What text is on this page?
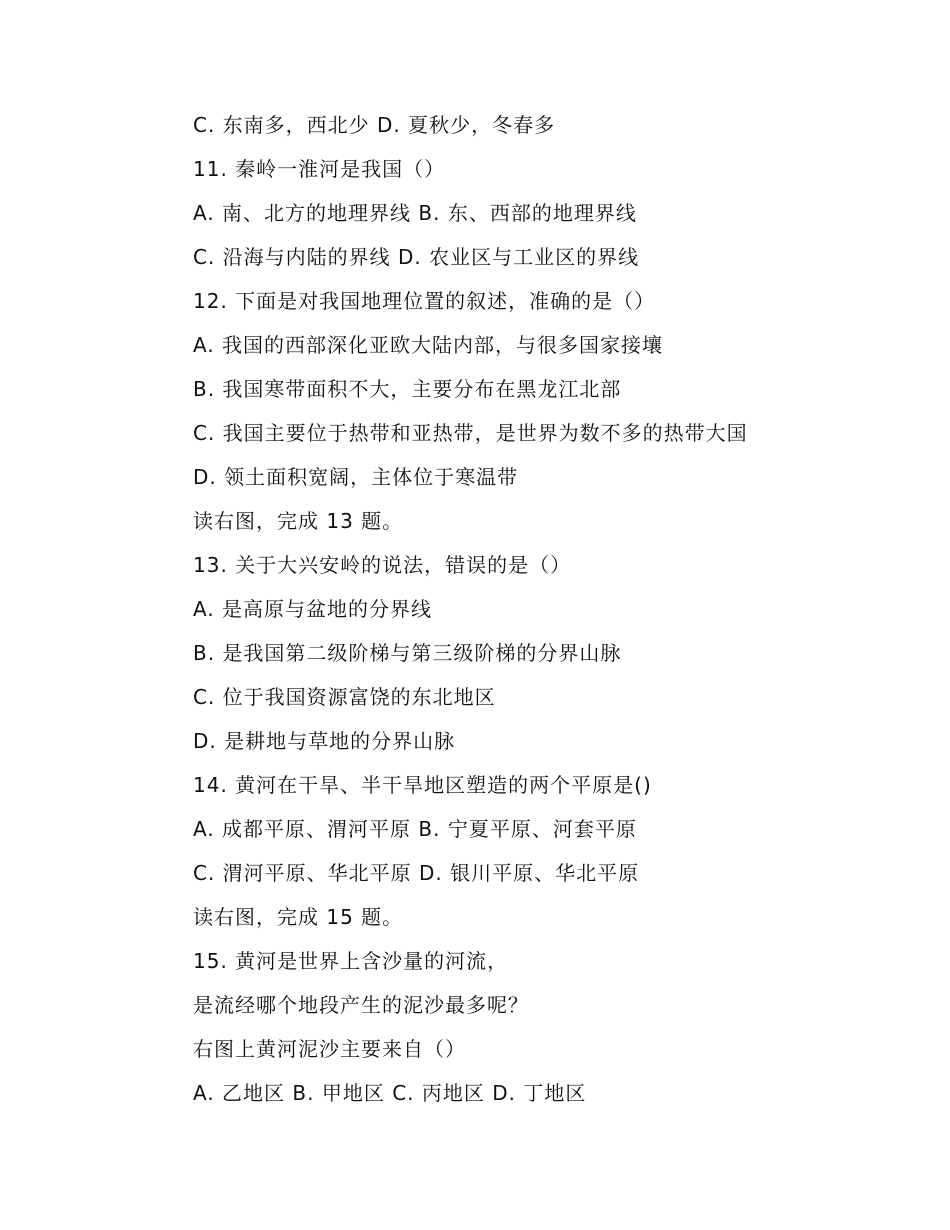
C. 东南多，西北少 D. 夏秋少，冬春多
11. 秦岭一淮河是我国（）
A. 南、北方的地理界线 B. 东、西部的地理界线
C. 沿海与内陆的界线 D. 农业区与工业区的界线
12. 下面是对我国地理位置的叙述，准确的是（）
A. 我国的西部深化亚欧大陆内部，与很多国家接壤
B. 我国寒带面积不大，主要分布在黑龙江北部
C. 我国主要位于热带和亚热带，是世界为数不多的热带大国
D. 领土面积宽阔，主体位于寒温带
读右图，完成 13 题。
13. 关于大兴安岭的说法，错误的是（）
A. 是高原与盆地的分界线
B. 是我国第二级阶梯与第三级阶梯的分界山脉
C. 位于我国资源富饶的东北地区
D. 是耕地与草地的分界山脉
14. 黄河在干旱、半干旱地区塑造的两个平原是()
A. 成都平原、渭河平原 B. 宁夏平原、河套平原
C. 渭河平原、华北平原 D. 银川平原、华北平原
读右图，完成 15 题。
15. 黄河是世界上含沙量的河流，
是流经哪个地段产生的泥沙最多呢？
右图上黄河泥沙主要来自（）
A. 乙地区 B. 甲地区 C. 丙地区 D. 丁地区
